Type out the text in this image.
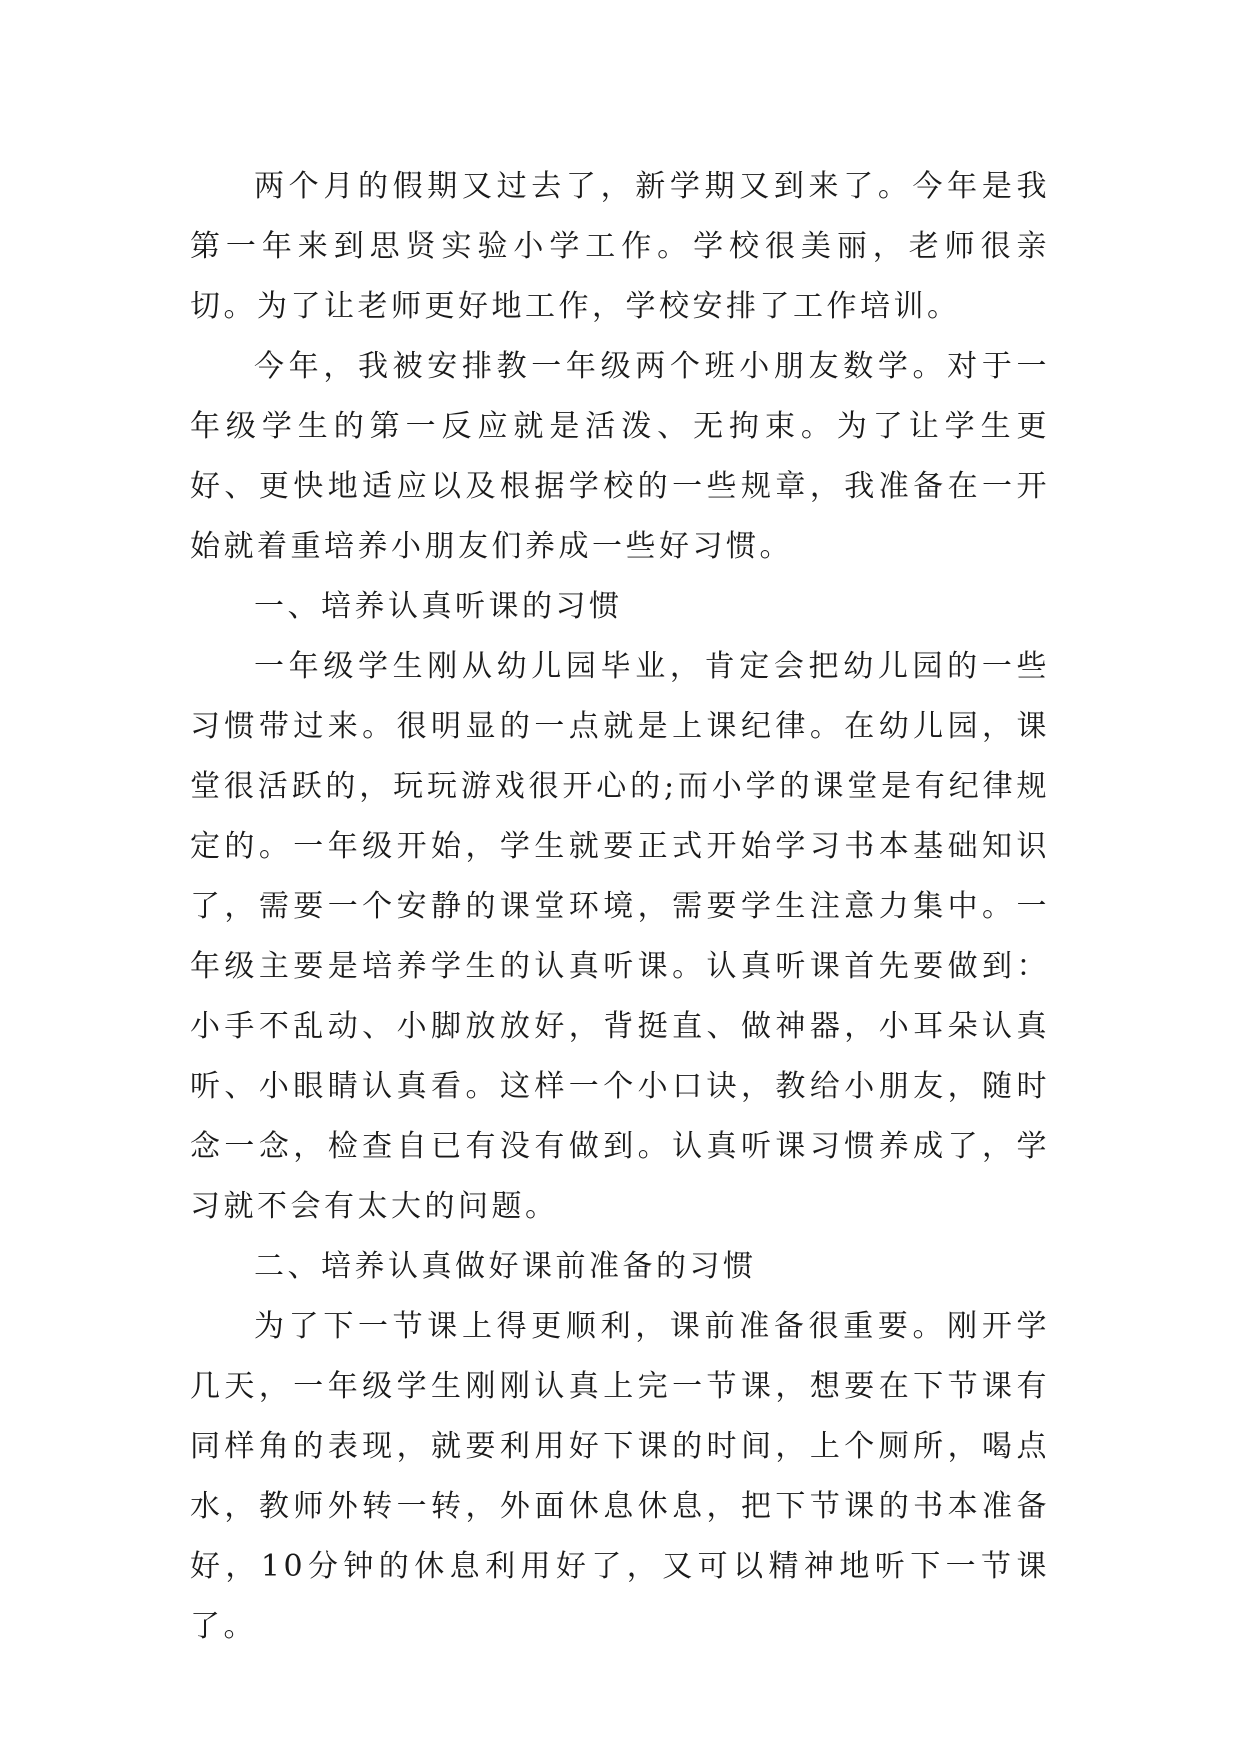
两个月的假期又过去了，新学期又到来了。今年是我第一年来到思贤实验小学工作。学校很美丽，老师很亲切。为了让老师更好地工作，学校安排了工作培训。

今年，我被安排教一年级两个班小朋友数学。对于一年级学生的第一反应就是活泼、无拘束。为了让学生更好、更快地适应以及根据学校的一些规章，我准备在一开始就着重培养小朋友们养成一些好习惯。

一、培养认真听课的习惯

一年级学生刚从幼儿园毕业，肯定会把幼儿园的一些习惯带过来。很明显的一点就是上课纪律。在幼儿园，课堂很活跃的，玩玩游戏很开心的;而小学的课堂是有纪律规定的。一年级开始，学生就要正式开始学习书本基础知识了，需要一个安静的课堂环境，需要学生注意力集中。一年级主要是培养学生的认真听课。认真听课首先要做到：小手不乱动、小脚放放好，背挺直、做神器，小耳朵认真听、小眼睛认真看。这样一个小口诀，教给小朋友，随时念一念，检查自已有没有做到。认真听课习惯养成了，学习就不会有太大的问题。

二、培养认真做好课前准备的习惯

为了下一节课上得更顺利，课前准备很重要。刚开学几天，一年级学生刚刚认真上完一节课，想要在下节课有同样角的表现，就要利用好下课的时间，上个厕所，喝点水，教师外转一转，外面休息休息，把下节课的书本准备好，10分钟的休息利用好了，又可以精神地听下一节课了。
